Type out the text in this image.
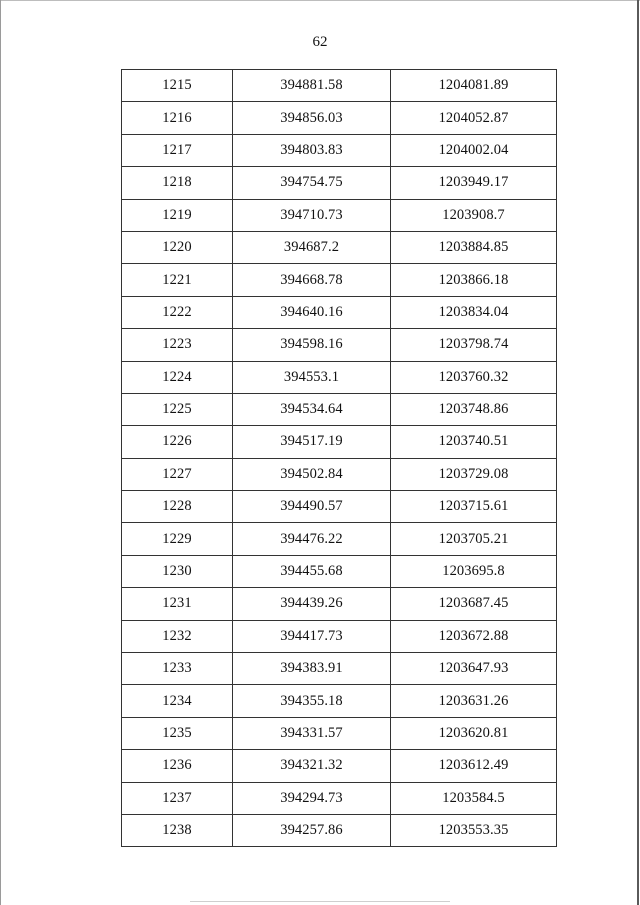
62
1215	394881.58	1204081.89
1216	394856.03	1204052.87
1217	394803.83	1204002.04
1218	394754.75	1203949.17
1219	394710.73	1203908.7
1220	394687.2	1203884.85
1221	394668.78	1203866.18
1222	394640.16	1203834.04
1223	394598.16	1203798.74
1224	394553.1	1203760.32
1225	394534.64	1203748.86
1226	394517.19	1203740.51
1227	394502.84	1203729.08
1228	394490.57	1203715.61
1229	394476.22	1203705.21
1230	394455.68	1203695.8
1231	394439.26	1203687.45
1232	394417.73	1203672.88
1233	394383.91	1203647.93
1234	394355.18	1203631.26
1235	394331.57	1203620.81
1236	394321.32	1203612.49
1237	394294.73	1203584.5
1238	394257.86	1203553.35
